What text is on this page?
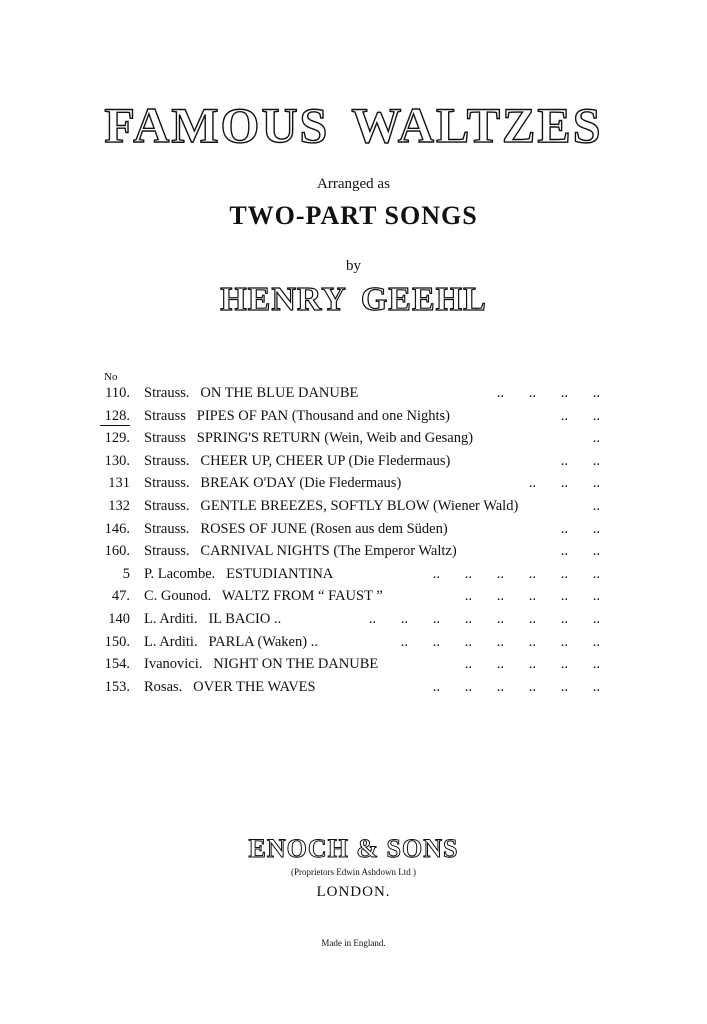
FAMOUS WALTZES
Arranged as
TWO-PART SONGS
by
HENRY GEEHL
No
110. Strauss.   ON THE BLUE DANUBE	.. .. .. ..
128. Strauss   PIPES OF PAN (Thousand and one Nights)	.. ..
129. Strauss   SPRING'S RETURN (Wein, Weib and Gesang)	..
130. Strauss.   CHEER UP, CHEER UP (Die Fledermaus)	.. ..
131 Strauss.   BREAK O'DAY (Die Fledermaus)	.. .. ..
132 Strauss.   GENTLE BREEZES, SOFTLY BLOW (Wiener Wald)	..
146. Strauss.   ROSES OF JUNE (Rosen aus dem Süden)	.. ..
160. Strauss.   CARNIVAL NIGHTS (The Emperor Waltz)	.. ..
5 P. Lacombe.   ESTUDIANTINA	.. .. .. .. .. ..
47. C. Gounod.   WALTZ FROM “ FAUST ”	.. .. .. .. ..
140 L. Arditi.   IL BACIO ..	.. .. .. .. .. .. .. ..
150. L. Arditi.   PARLA (Waken) ..	.. .. .. .. .. .. ..
154. Ivanovici.   NIGHT ON THE DANUBE	.. .. .. .. ..
153. Rosas.   OVER THE WAVES	.. .. .. .. .. ..
ENOCH & SONS
(Proprietors Edwin Ashdown Ltd )
LONDON.
Made in England.
